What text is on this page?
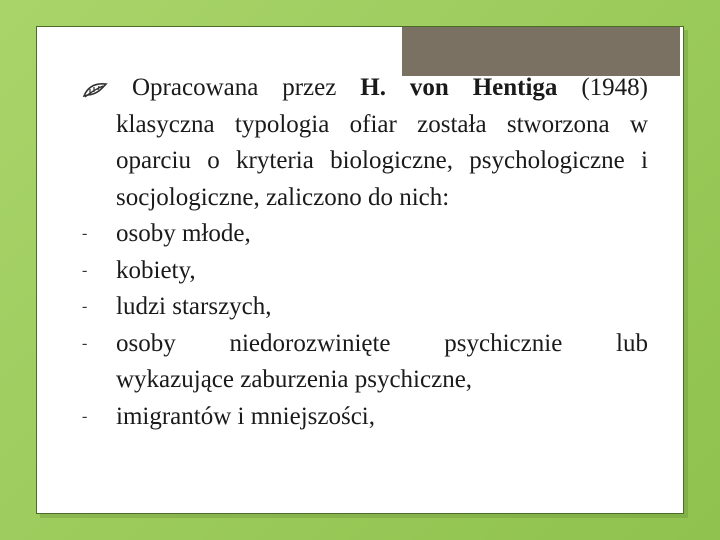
Opracowana przez H. von Hentiga (1948) klasyczna typologia ofiar została stworzona w oparciu o kryteria biologiczne, psychologiczne i socjologiczne, zaliczono do nich:
- osoby młode,
- kobiety,
- ludzi starszych,
- osoby niedorozwinięte psychicznie lub
wykazujące zaburzenia psychiczne,
- imigrantów i mniejszości,
